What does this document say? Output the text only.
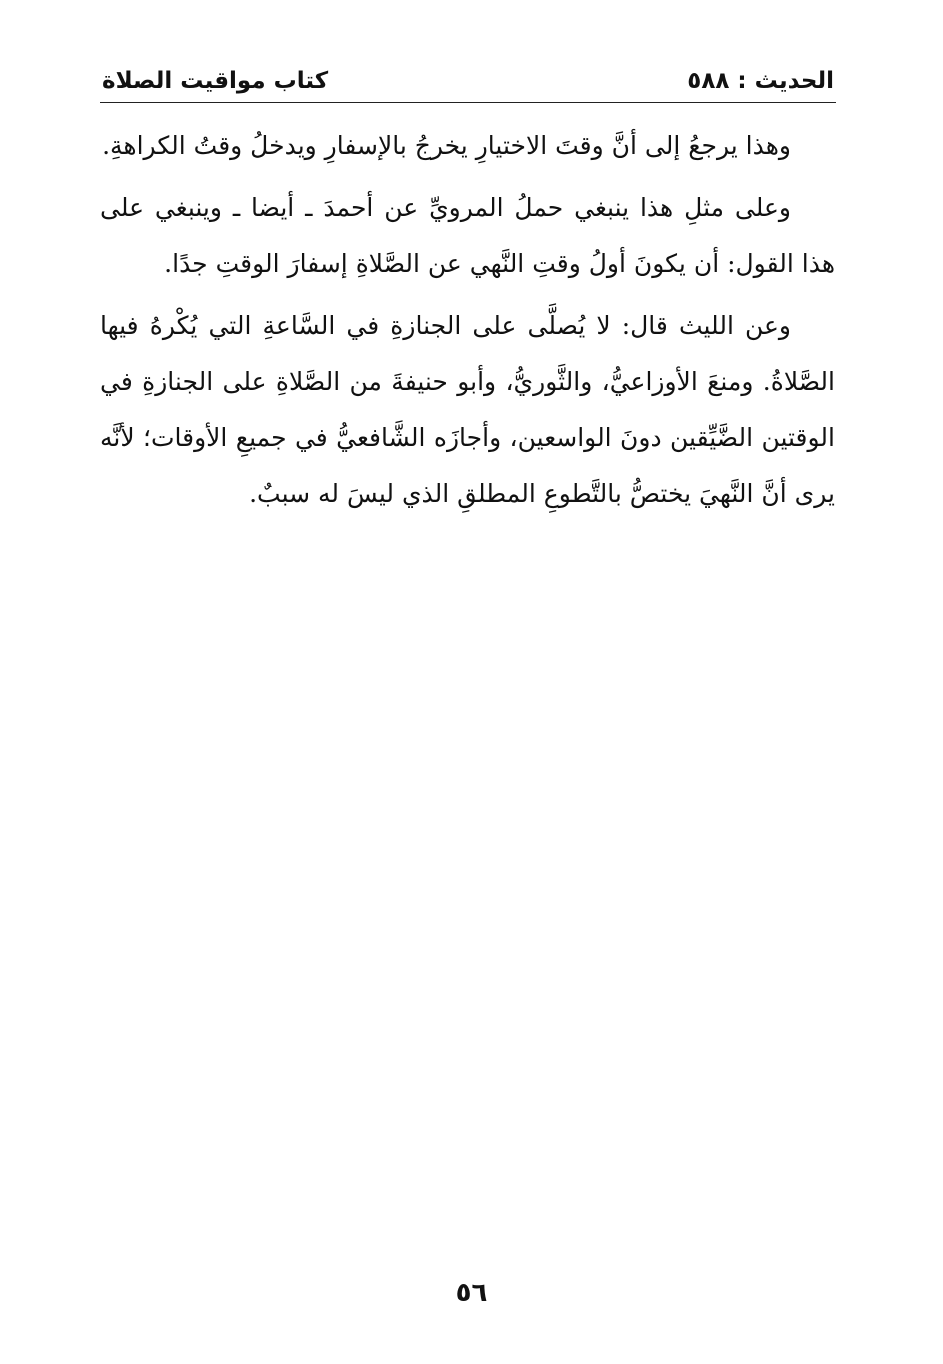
الحديث : ٥٨٨
كتاب مواقيت الصلاة

وهذا يرجعُ إلى أنَّ وقتَ الاختيارِ يخرجُ بالإسفارِ ويدخلُ وقتُ الكراهةِ.

وعلى مثلِ هذا ينبغي حملُ المرويِّ عن أحمدَ ـ أيضا ـ وينبغي على هذا القول: أن يكونَ أولُ وقتِ النَّهي عن الصَّلاةِ إسفارَ الوقتِ جدًا.

وعن الليث قال: لا يُصلَّى على الجنازةِ في السَّاعةِ التي يُكْرهُ فيها الصَّلاةُ. ومنعَ الأوزاعيُّ، والثَّوريُّ، وأبو حنيفةَ من الصَّلاةِ على الجنازةِ في الوقتين الضَّيِّقين دونَ الواسعين، وأجازَه الشَّافعيُّ في جميعِ الأوقات؛ لأنَّه يرى أنَّ النَّهيَ يختصُّ بالتَّطوعِ المطلقِ الذي ليسَ له سببٌ.

٥٦
